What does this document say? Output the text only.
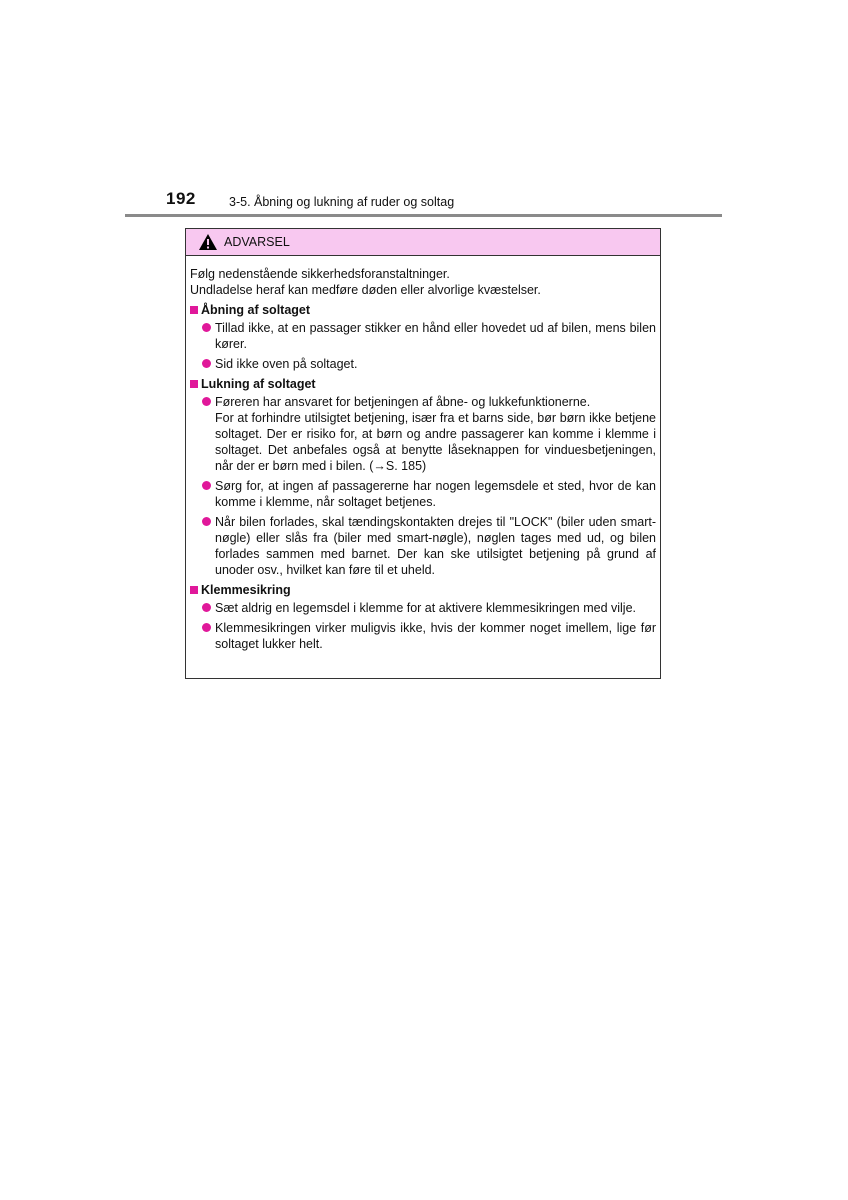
192	3-5. Åbning og lukning af ruder og soltag
ADVARSEL

Følg nedenstående sikkerhedsforanstaltninger.

Undladelse heraf kan medføre døden eller alvorlige kvæstelser.

Åbning af soltaget

Tillad ikke, at en passager stikker en hånd eller hovedet ud af bilen, mens bilen kører.

Sid ikke oven på soltaget.

Lukning af soltaget

Føreren har ansvaret for betjeningen af åbne- og lukkefunktionerne.

For at forhindre utilsigtet betjening, især fra et barns side, bør børn ikke betjene soltaget. Der er risiko for, at børn og andre passagerer kan komme i klemme i soltaget. Det anbefales også at benytte låseknappen for vinduesbetjeningen, når der er børn med i bilen. (→S. 185)

Sørg for, at ingen af passagererne har nogen legemsdele et sted, hvor de kan komme i klemme, når soltaget betjenes.

Når bilen forlades, skal tændingskontakten drejes til "LOCK" (biler uden smart-nøgle) eller slås fra (biler med smart-nøgle), nøglen tages med ud, og bilen forlades sammen med barnet. Der kan ske utilsigtet betjening på grund af unoder osv., hvilket kan føre til et uheld.

Klemmesikring

Sæt aldrig en legemsdel i klemme for at aktivere klemmesikringen med vilje.

Klemmesikringen virker muligvis ikke, hvis der kommer noget imellem, lige før soltaget lukker helt.
